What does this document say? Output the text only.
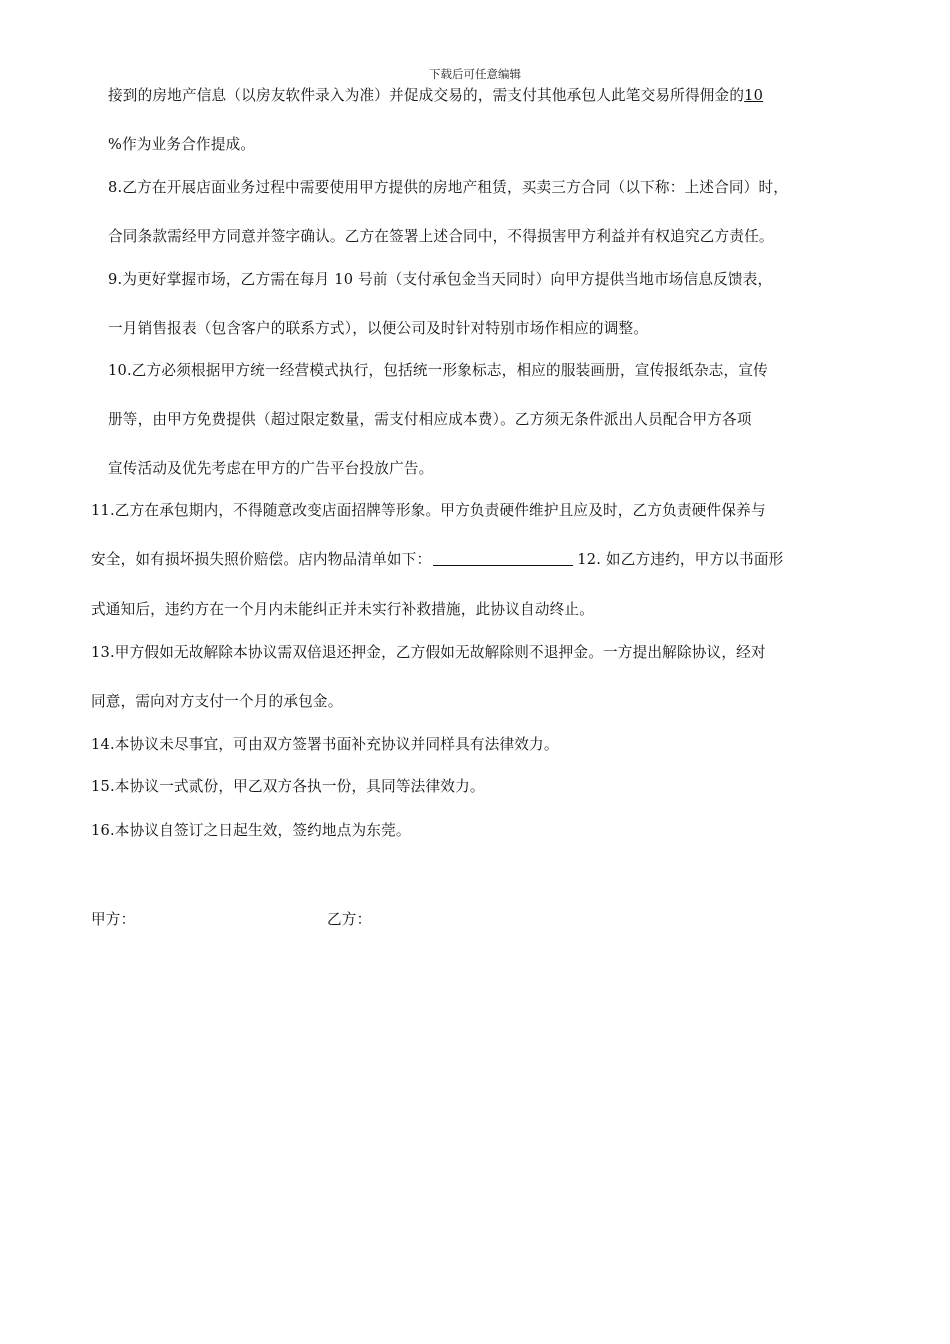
下载后可任意编辑
接到的房地产信息（以房友软件录入为准）并促成交易的，需支付其他承包人此笔交易所得佣金的10
%作为业务合作提成。
8.乙方在开展店面业务过程中需要使用甲方提供的房地产租赁，买卖三方合同（以下称：上述合同）时，
合同条款需经甲方同意并签字确认。乙方在签署上述合同中，不得损害甲方利益并有权追究乙方责任。
9.为更好掌握市场，乙方需在每月 10 号前（支付承包金当天同时）向甲方提供当地市场信息反馈表，
一月销售报表（包含客户的联系方式），以便公司及时针对特别市场作相应的调整。
10.乙方必须根据甲方统一经营模式执行，包括统一形象标志，相应的服装画册，宣传报纸杂志，宣传
册等，由甲方免费提供（超过限定数量，需支付相应成本费）。乙方须无条件派出人员配合甲方各项
宣传活动及优先考虑在甲方的广告平台投放广告。
11.乙方在承包期内，不得随意改变店面招牌等形象。甲方负责硬件维护且应及时，乙方负责硬件保养与
安全，如有损坏损失照价赔偿。店内物品清单如下：	12. 如乙方违约，甲方以书面形
式通知后，违约方在一个月内未能纠正并未实行补救措施，此协议自动终止。
13.甲方假如无故解除本协议需双倍退还押金，乙方假如无故解除则不退押金。一方提出解除协议，经对
同意，需向对方支付一个月的承包金。
14.本协议未尽事宜，可由双方签署书面补充协议并同样具有法律效力。
15.本协议一式贰份，甲乙双方各执一份，具同等法律效力。
16.本协议自签订之日起生效，签约地点为东莞。
甲方：	乙方：
